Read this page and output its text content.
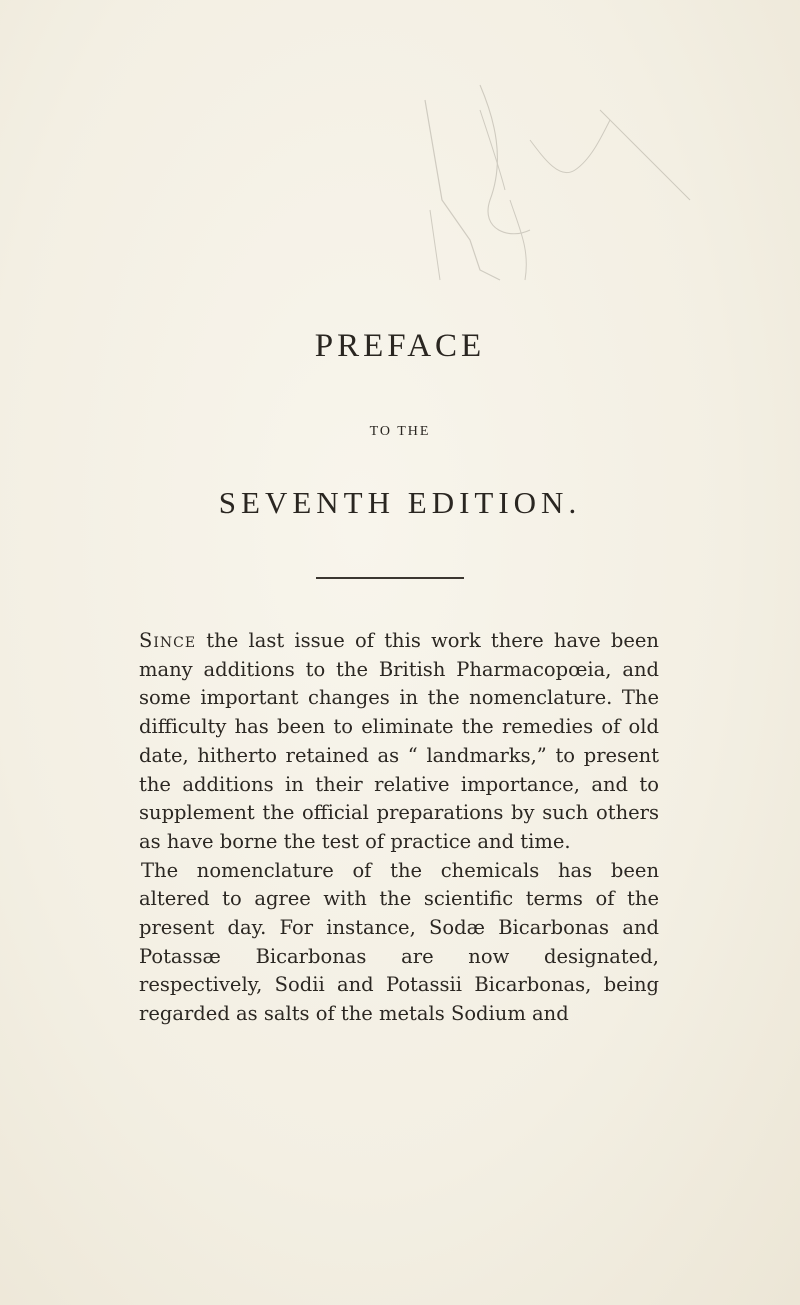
PREFACE
TO THE
SEVENTH EDITION.

Since the last issue of this work there have been many additions to the British Pharmacopœia, and some important changes in the nomenclature. The difficulty has been to eliminate the remedies of old date, hitherto retained as “ landmarks,” to present the additions in their relative importance, and to supplement the official preparations by such others as have borne the test of practice and time.

The nomenclature of the chemicals has been altered to agree with the scientific terms of the present day. For instance, Sodæ Bicarbonas and Potassæ Bicarbonas are now designated, respectively, Sodii and Potassii Bicarbonas, being regarded as salts of the metals Sodium and
